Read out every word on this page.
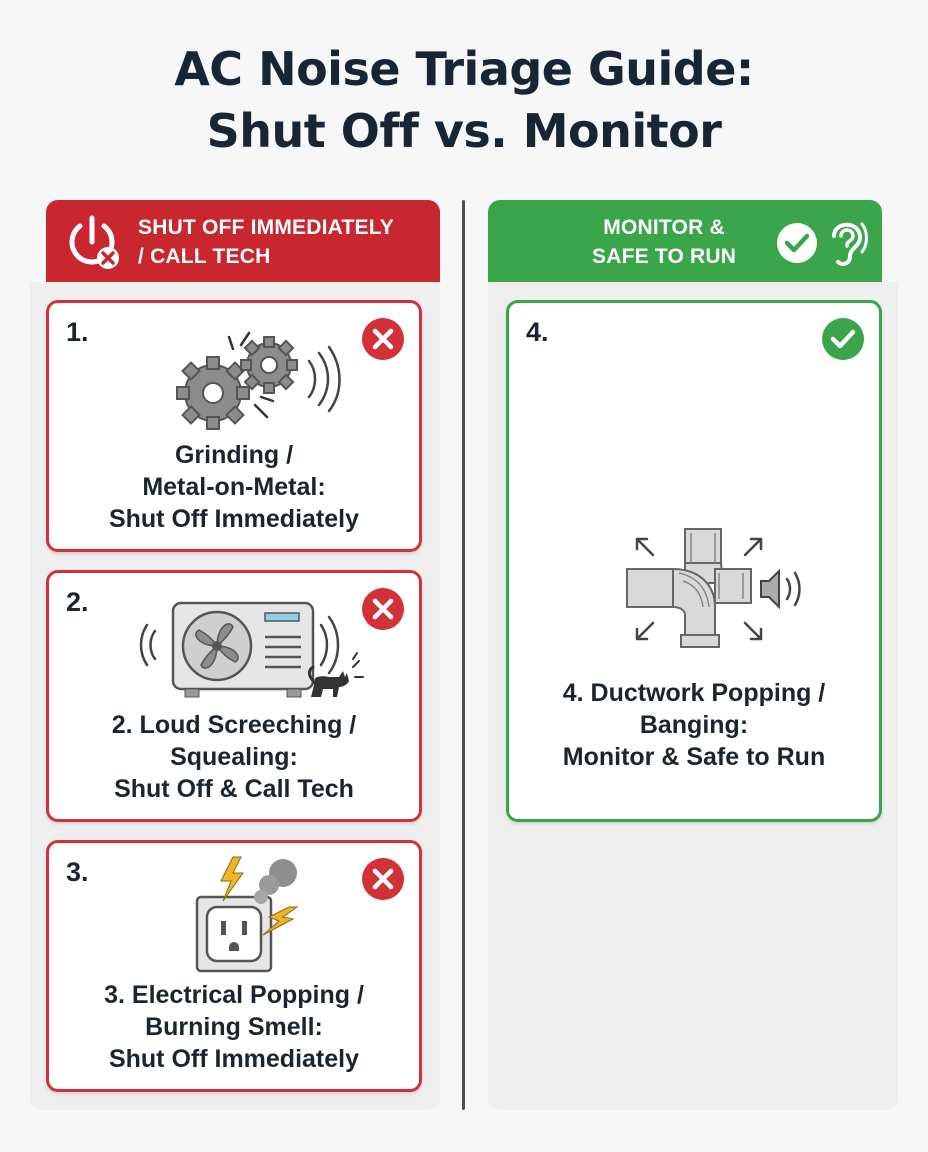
AC Noise Triage Guide:
Shut Off vs. Monitor
SHUT OFF IMMEDIATELY
/ CALL TECH
MONITOR &
SAFE TO RUN
1.
Grinding /
Metal-on-Metal:
Shut Off Immediately
2.
2. Loud Screeching /
Squealing:
Shut Off & Call Tech
3.
3. Electrical Popping /
Burning Smell:
Shut Off Immediately
4.
4. Ductwork Popping /
Banging:
Monitor & Safe to Run
